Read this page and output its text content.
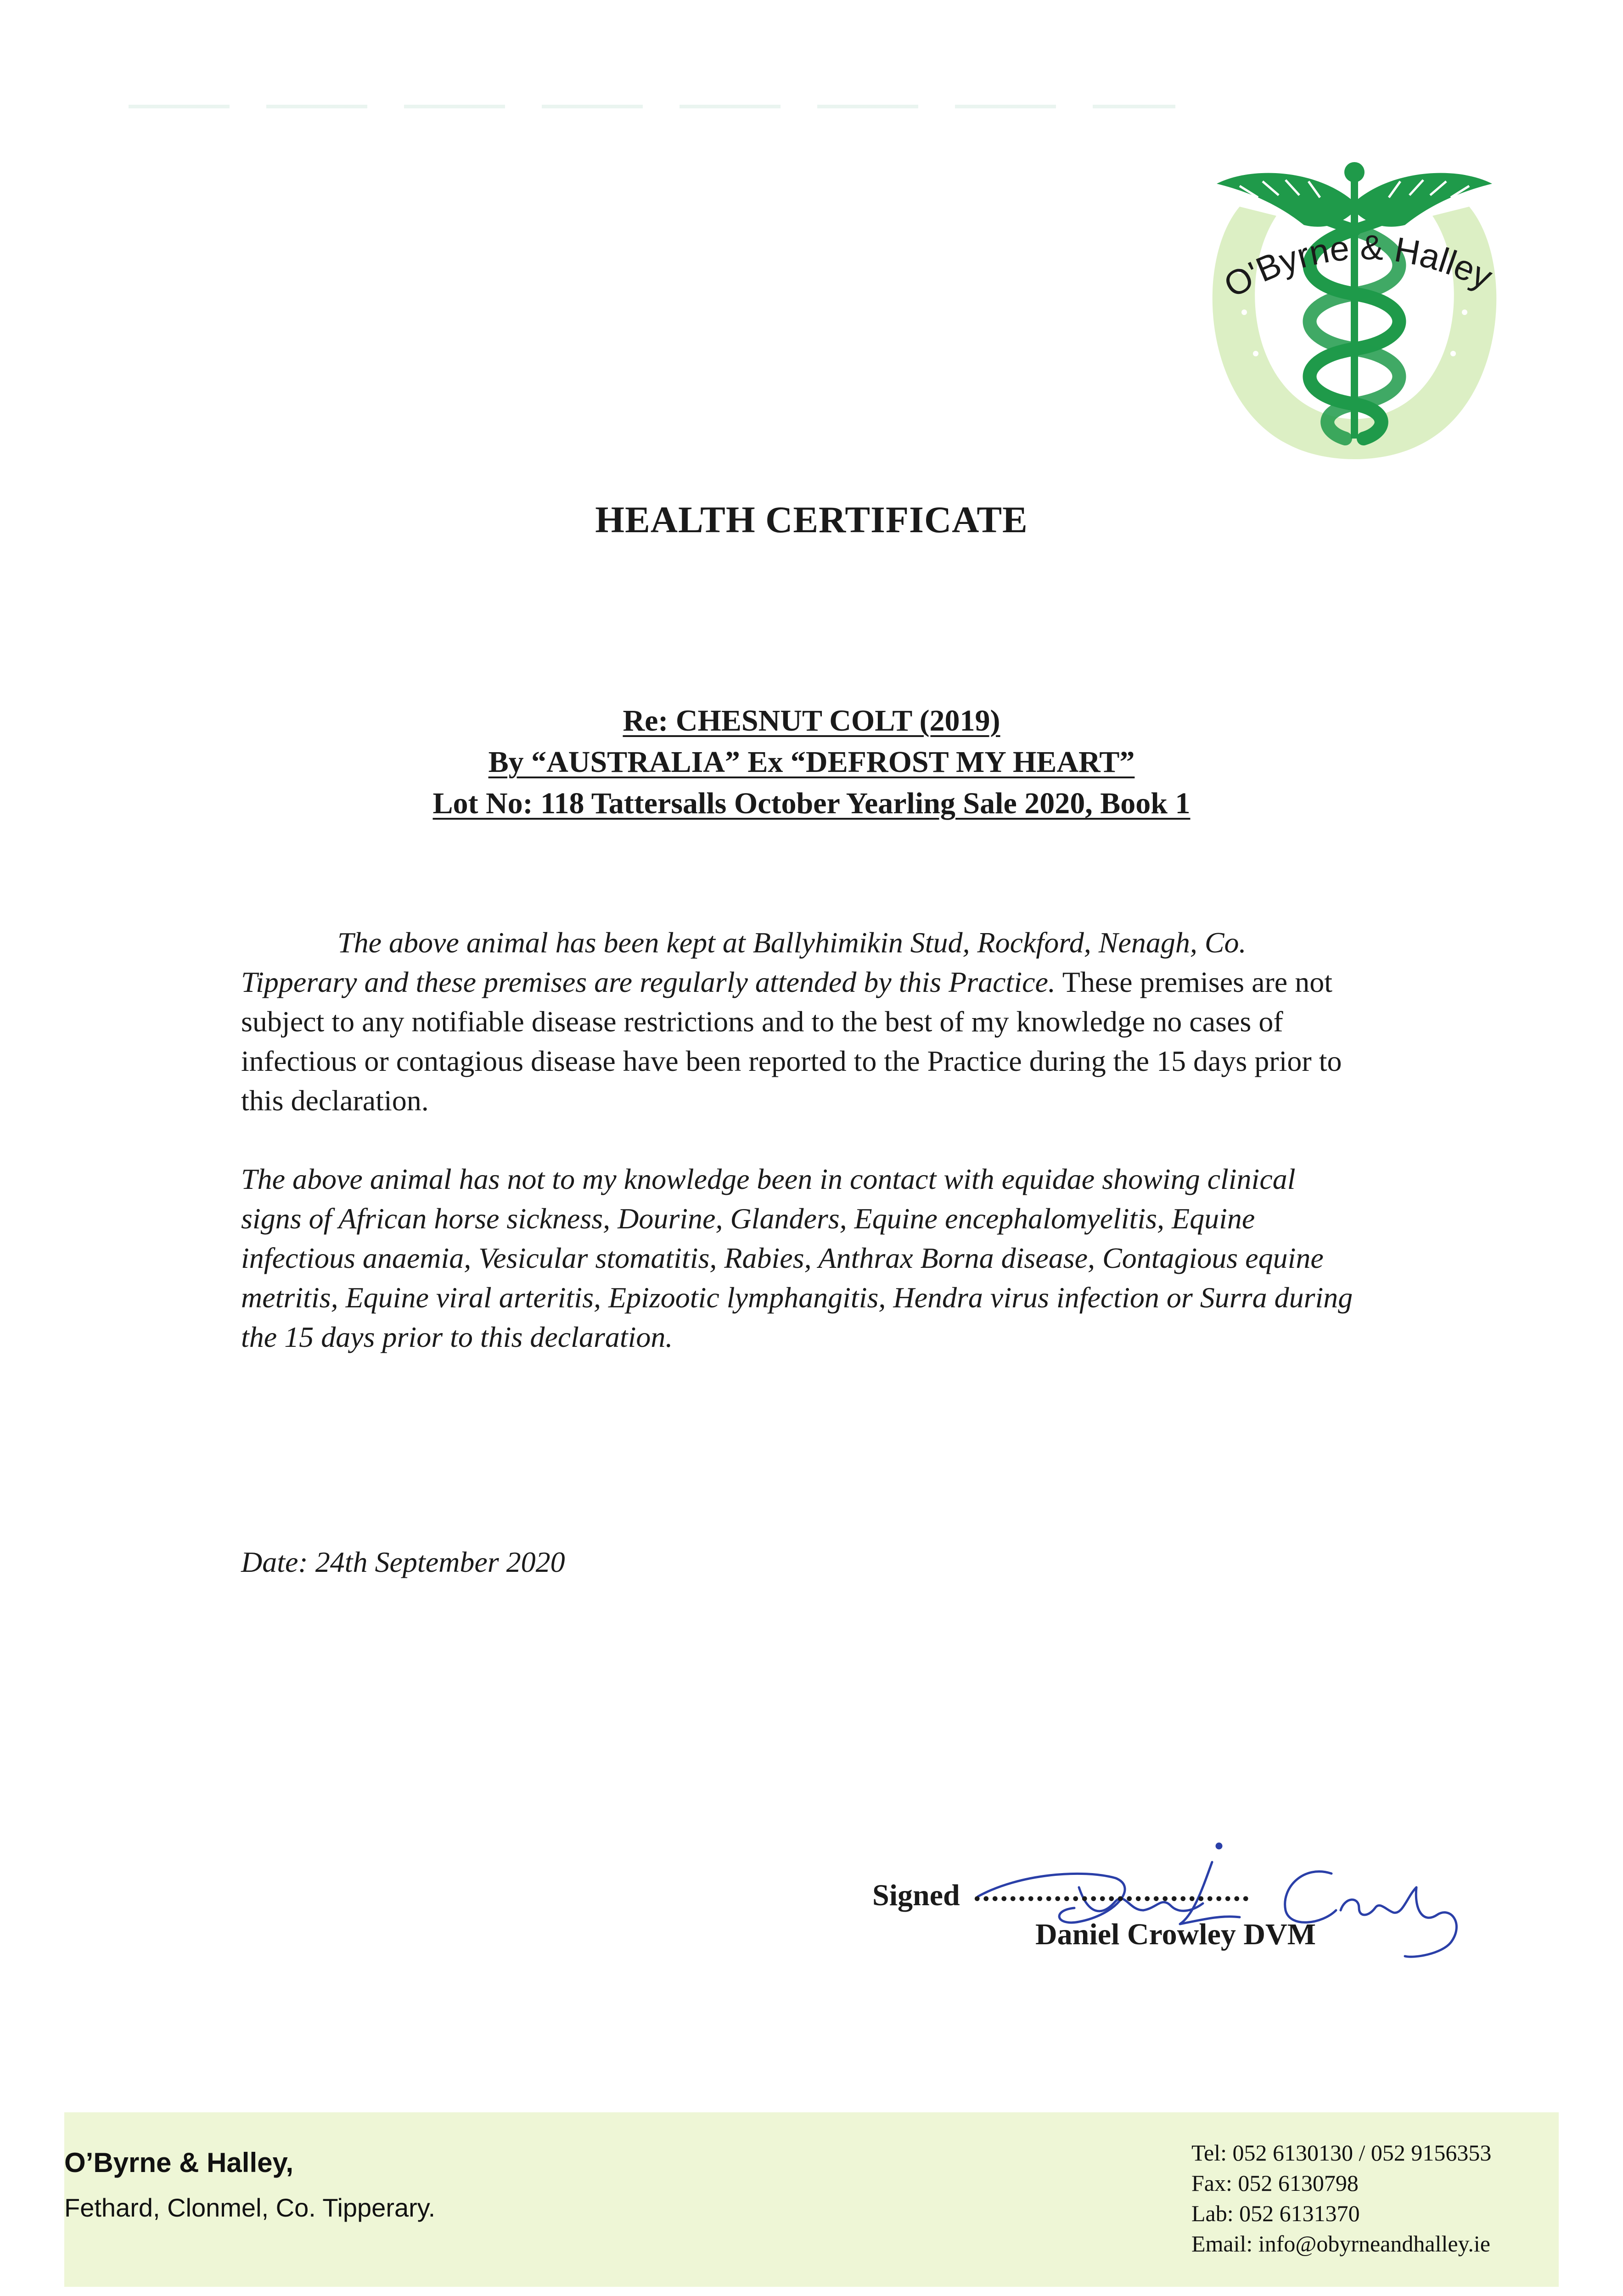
O'Byrne & Halley
HEALTH CERTIFICATE
Re: CHESNUT COLT (2019)
By “AUSTRALIA” Ex “DEFROST MY HEART”
Lot No: 118 Tattersalls October Yearling Sale 2020, Book 1
The above animal has been kept at Ballyhimikin Stud, Rockford, Nenagh, Co. Tipperary and these premises are regularly attended by this Practice. These premises are not subject to any notifiable disease restrictions and to the best of my knowledge no cases of infectious or contagious disease have been reported to the Practice during the 15 days prior to this declaration.
The above animal has not to my knowledge been in contact with equidae showing clinical signs of African horse sickness, Dourine, Glanders, Equine encephalomyelitis, Equine infectious anaemia, Vesicular stomatitis, Rabies, Anthrax Borna disease, Contagious equine metritis, Equine viral arteritis, Epizootic lymphangitis, Hendra virus infection or Surra during the 15 days prior to this declaration.
Date: 24th September 2020
Signed ...............................
Daniel Crowley DVM
O’Byrne & Halley,
Fethard, Clonmel, Co. Tipperary.
Tel: 052 6130130 / 052 9156353
Fax: 052 6130798
Lab: 052 6131370
Email: info@obyrneandhalley.ie
